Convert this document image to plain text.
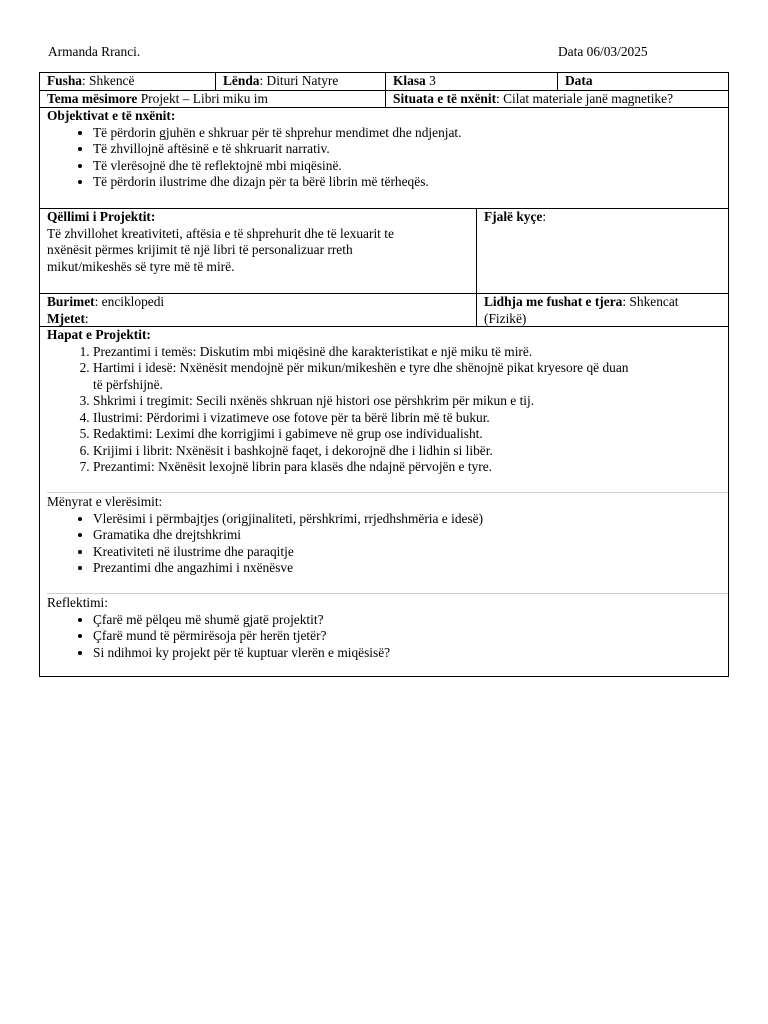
Armanda Rranci.	Data 06/03/2025
Fusha: Shkencë	Lënda: Dituri Natyre	Klasa 3	Data
Tema mësimore Projekt – Libri miku im	Situata e të nxënit: Cilat materiale janë magnetike?
Objektivat e të nxënit:
• Të përdorin gjuhën e shkruar për të shprehur mendimet dhe ndjenjat.
• Të zhvillojnë aftësinë e të shkruarit narrativ.
• Të vlerësojnë dhe të reflektojnë mbi miqësinë.
• Të përdorin ilustrime dhe dizajn për ta bërë librin më tërheqës.
Qëllimi i Projektit:
Të zhvillohet kreativiteti, aftësia e të shprehurit dhe të lexuarit te
nxënësit përmes krijimit të një libri të personalizuar rreth
mikut/mikeshës së tyre më të mirë.
Fjalë kyçe:
Burimet: enciklopedi
Mjetet:
Lidhja me fushat e tjera: Shkencat
(Fizikë)
Hapat e Projektit:
1. Prezantimi i temës: Diskutim mbi miqësinë dhe karakteristikat e një miku të mirë.
2. Hartimi i idesë: Nxënësit mendojnë për mikun/mikeshën e tyre dhe shënojnë pikat kryesore që duan
të përfshijnë.
3. Shkrimi i tregimit: Secili nxënës shkruan një histori ose përshkrim për mikun e tij.
4. Ilustrimi: Përdorimi i vizatimeve ose fotove për ta bërë librin më të bukur.
5. Redaktimi: Leximi dhe korrigjimi i gabimeve në grup ose individualisht.
6. Krijimi i librit: Nxënësit i bashkojnë faqet, i dekorojnë dhe i lidhin si libër.
7. Prezantimi: Nxënësit lexojnë librin para klasës dhe ndajnë përvojën e tyre.
Mënyrat e vlerësimit:
• Vlerësimi i përmbajtjes (origjinaliteti, përshkrimi, rrjedhshmëria e idesë)
• Gramatika dhe drejtshkrimi
• Kreativiteti në ilustrime dhe paraqitje
• Prezantimi dhe angazhimi i nxënësve
Reflektimi:
• Çfarë më pëlqeu më shumë gjatë projektit?
• Çfarë mund të përmirësoja për herën tjetër?
• Si ndihmoi ky projekt për të kuptuar vlerën e miqësisë?
